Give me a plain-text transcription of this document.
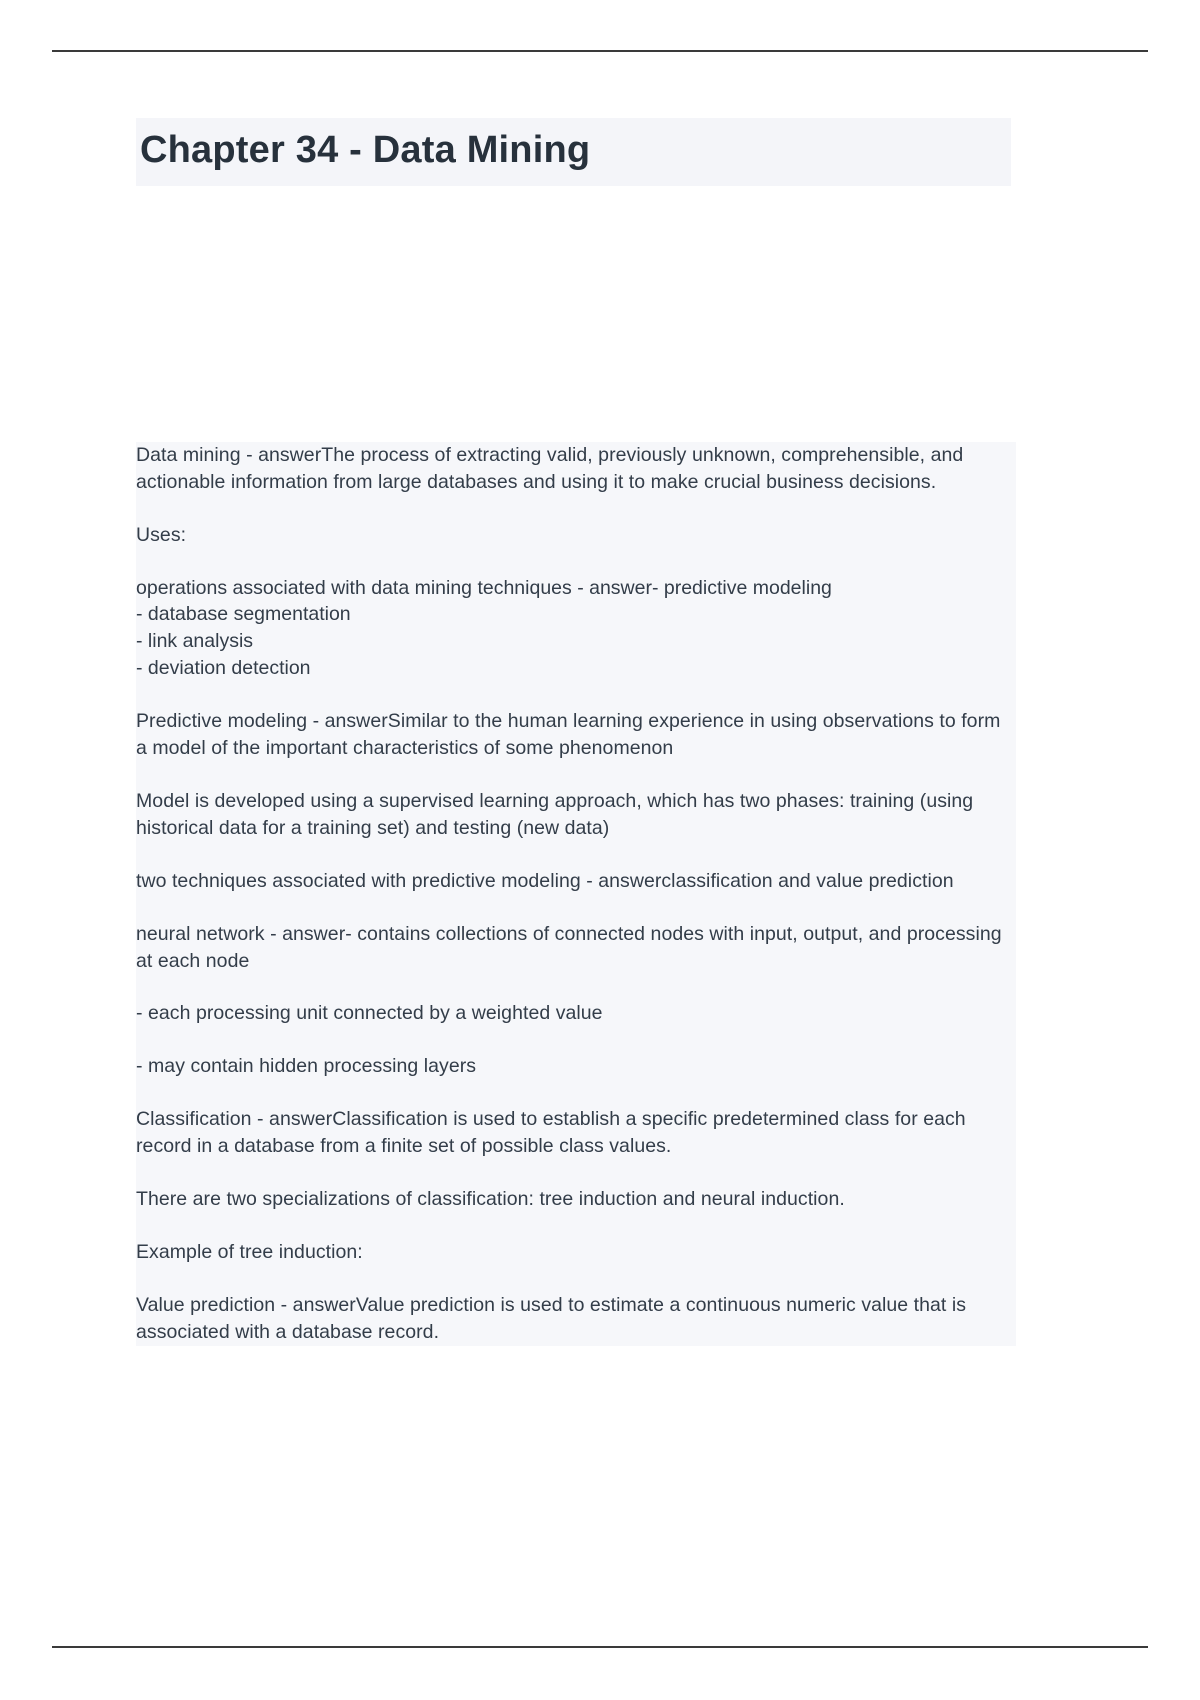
Chapter 34 - Data Mining

Data mining - answerThe process of extracting valid, previously unknown, comprehensible, and actionable information from large databases and using it to make crucial business decisions.

Uses:

operations associated with data mining techniques - answer- predictive modeling
- database segmentation
- link analysis
- deviation detection

Predictive modeling - answerSimilar to the human learning experience in using observations to form a model of the important characteristics of some phenomenon

Model is developed using a supervised learning approach, which has two phases: training (using historical data for a training set) and testing (new data)

two techniques associated with predictive modeling - answerclassification and value prediction

neural network - answer- contains collections of connected nodes with input, output, and processing at each node

- each processing unit connected by a weighted value

- may contain hidden processing layers

Classification - answerClassification is used to establish a specific predetermined class for each record in a database from a finite set of possible class values.

There are two specializations of classification: tree induction and neural induction.

Example of tree induction:

Value prediction - answerValue prediction is used to estimate a continuous numeric value that is associated with a database record.
